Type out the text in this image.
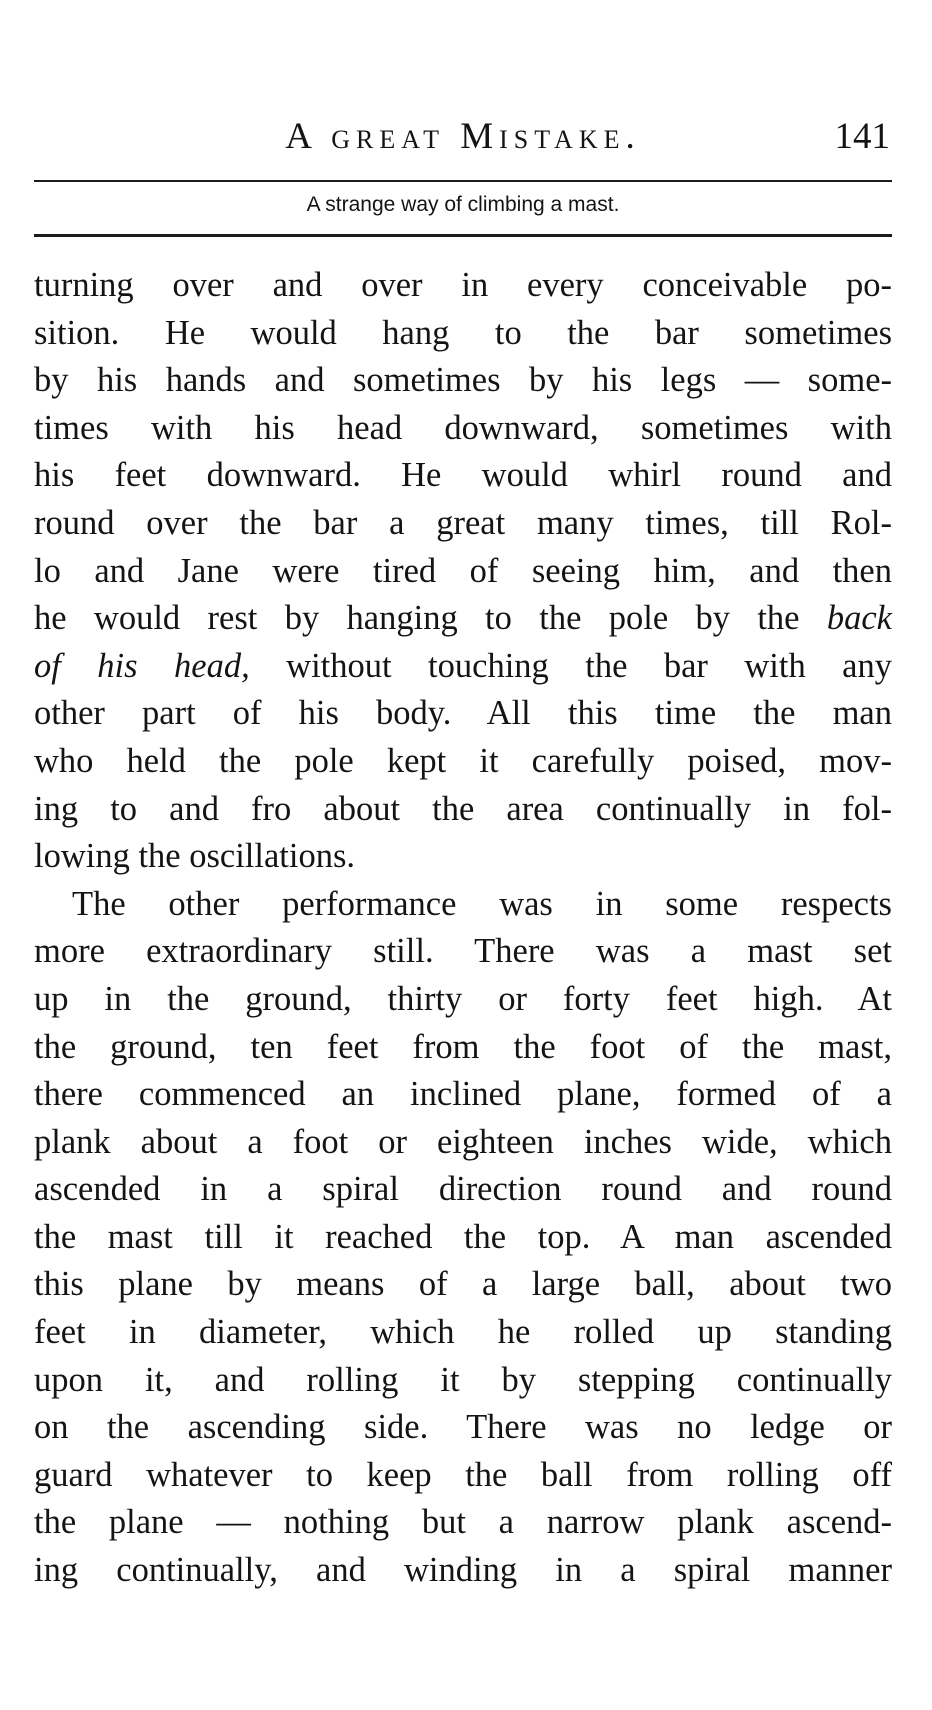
A great Mistake.	141
A strange way of climbing a mast.
turning over and over in every conceivable po-
sition. He would hang to the bar sometimes
by his hands and sometimes by his legs — some-
times with his head downward, sometimes with
his feet downward. He would whirl round and
round over the bar a great many times, till Rol-
lo and Jane were tired of seeing him, and then
he would rest by hanging to the pole by the back
of his head, without touching the bar with any
other part of his body. All this time the man
who held the pole kept it carefully poised, mov-
ing to and fro about the area continually in fol-
lowing the oscillations.
The other performance was in some respects
more extraordinary still. There was a mast set
up in the ground, thirty or forty feet high. At
the ground, ten feet from the foot of the mast,
there commenced an inclined plane, formed of a
plank about a foot or eighteen inches wide, which
ascended in a spiral direction round and round
the mast till it reached the top. A man ascended
this plane by means of a large ball, about two
feet in diameter, which he rolled up standing
upon it, and rolling it by stepping continually
on the ascending side. There was no ledge or
guard whatever to keep the ball from rolling off
the plane — nothing but a narrow plank ascend-
ing continually, and winding in a spiral manner
